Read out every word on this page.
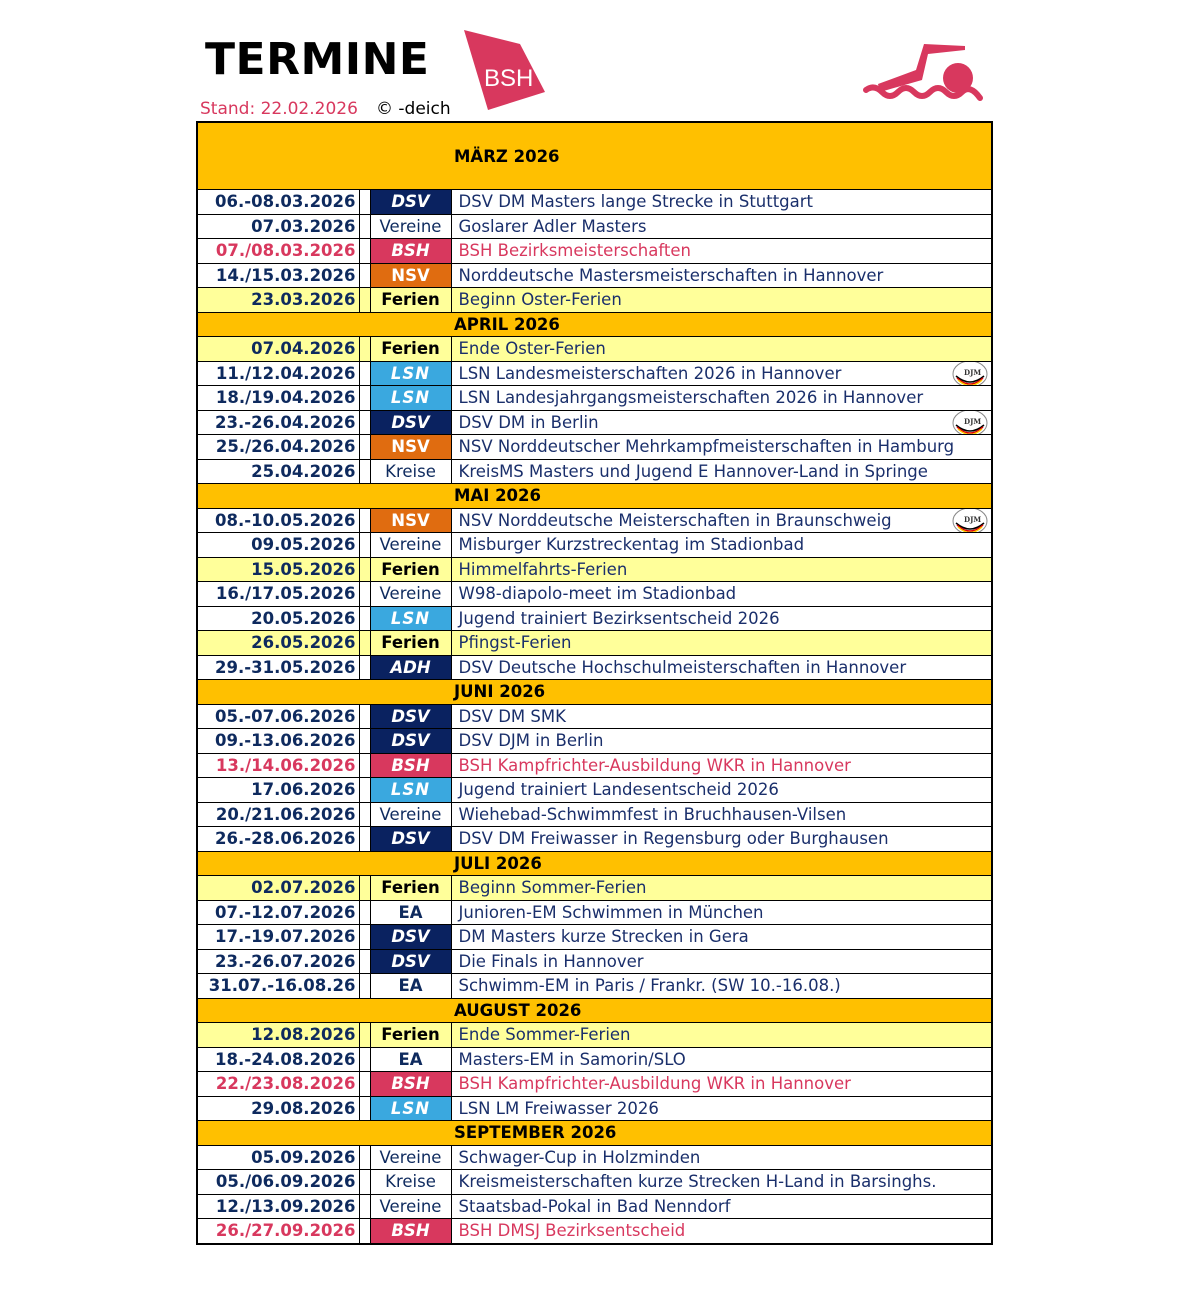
TERMINE BSH
Stand: 22.02.2026 © -deich
MÄRZ 2026			
06.-08.03.2026		DSV	DSV DM Masters lange Strecke in Stuttgart
07.03.2026		Vereine	Goslarer Adler Masters
07./08.03.2026		BSH	BSH Bezirksmeisterschaften
14./15.03.2026		NSV	Norddeutsche Mastersmeisterschaften in Hannover
23.03.2026		Ferien	Beginn Oster-Ferien
APRIL 2026			
07.04.2026		Ferien	Ende Oster-Ferien
11./12.04.2026		LSN	LSN Landesmeisterschaften 2026 in Hannover DJM

18./19.04.2026		LSN	LSN Landesjahrgangsmeisterschaften 2026 in Hannover
23.-26.04.2026		DSV	DSV DM in Berlin DJM

25./26.04.2026		NSV	NSV Norddeutscher Mehrkampfmeisterschaften in Hamburg
25.04.2026		Kreise	KreisMS Masters und Jugend E Hannover-Land in Springe
MAI 2026			
08.-10.05.2026		NSV	NSV Norddeutsche Meisterschaften in Braunschweig DJM

09.05.2026		Vereine	Misburger Kurzstreckentag im Stadionbad
15.05.2026		Ferien	Himmelfahrts-Ferien
16./17.05.2026		Vereine	W98-diapolo-meet im Stadionbad
20.05.2026		LSN	Jugend trainiert Bezirksentscheid 2026
26.05.2026		Ferien	Pfingst-Ferien
29.-31.05.2026		ADH	DSV Deutsche Hochschulmeisterschaften in Hannover
JUNI 2026			
05.-07.06.2026		DSV	DSV DM SMK
09.-13.06.2026		DSV	DSV DJM in Berlin
13./14.06.2026		BSH	BSH Kampfrichter-Ausbildung WKR in Hannover
17.06.2026		LSN	Jugend trainiert Landesentscheid 2026
20./21.06.2026		Vereine	Wiehebad-Schwimmfest in Bruchhausen-Vilsen
26.-28.06.2026		DSV	DSV DM Freiwasser in Regensburg oder Burghausen
JULI 2026			
02.07.2026		Ferien	Beginn Sommer-Ferien
07.-12.07.2026		EA	Junioren-EM Schwimmen in München
17.-19.07.2026		DSV	DM Masters kurze Strecken in Gera
23.-26.07.2026		DSV	Die Finals in Hannover
31.07.-16.08.26		EA	Schwimm-EM in Paris / Frankr. (SW 10.-16.08.)
AUGUST 2026			
12.08.2026		Ferien	Ende Sommer-Ferien
18.-24.08.2026		EA	Masters-EM in Samorin/SLO
22./23.08.2026		BSH	BSH Kampfrichter-Ausbildung WKR in Hannover
29.08.2026		LSN	LSN LM Freiwasser 2026
SEPTEMBER 2026			
05.09.2026		Vereine	Schwager-Cup in Holzminden
05./06.09.2026		Kreise	Kreismeisterschaften kurze Strecken H-Land in Barsinghs.
12./13.09.2026		Vereine	Staatsbad-Pokal in Bad Nenndorf
26./27.09.2026		BSH	BSH DMSJ Bezirksentscheid
